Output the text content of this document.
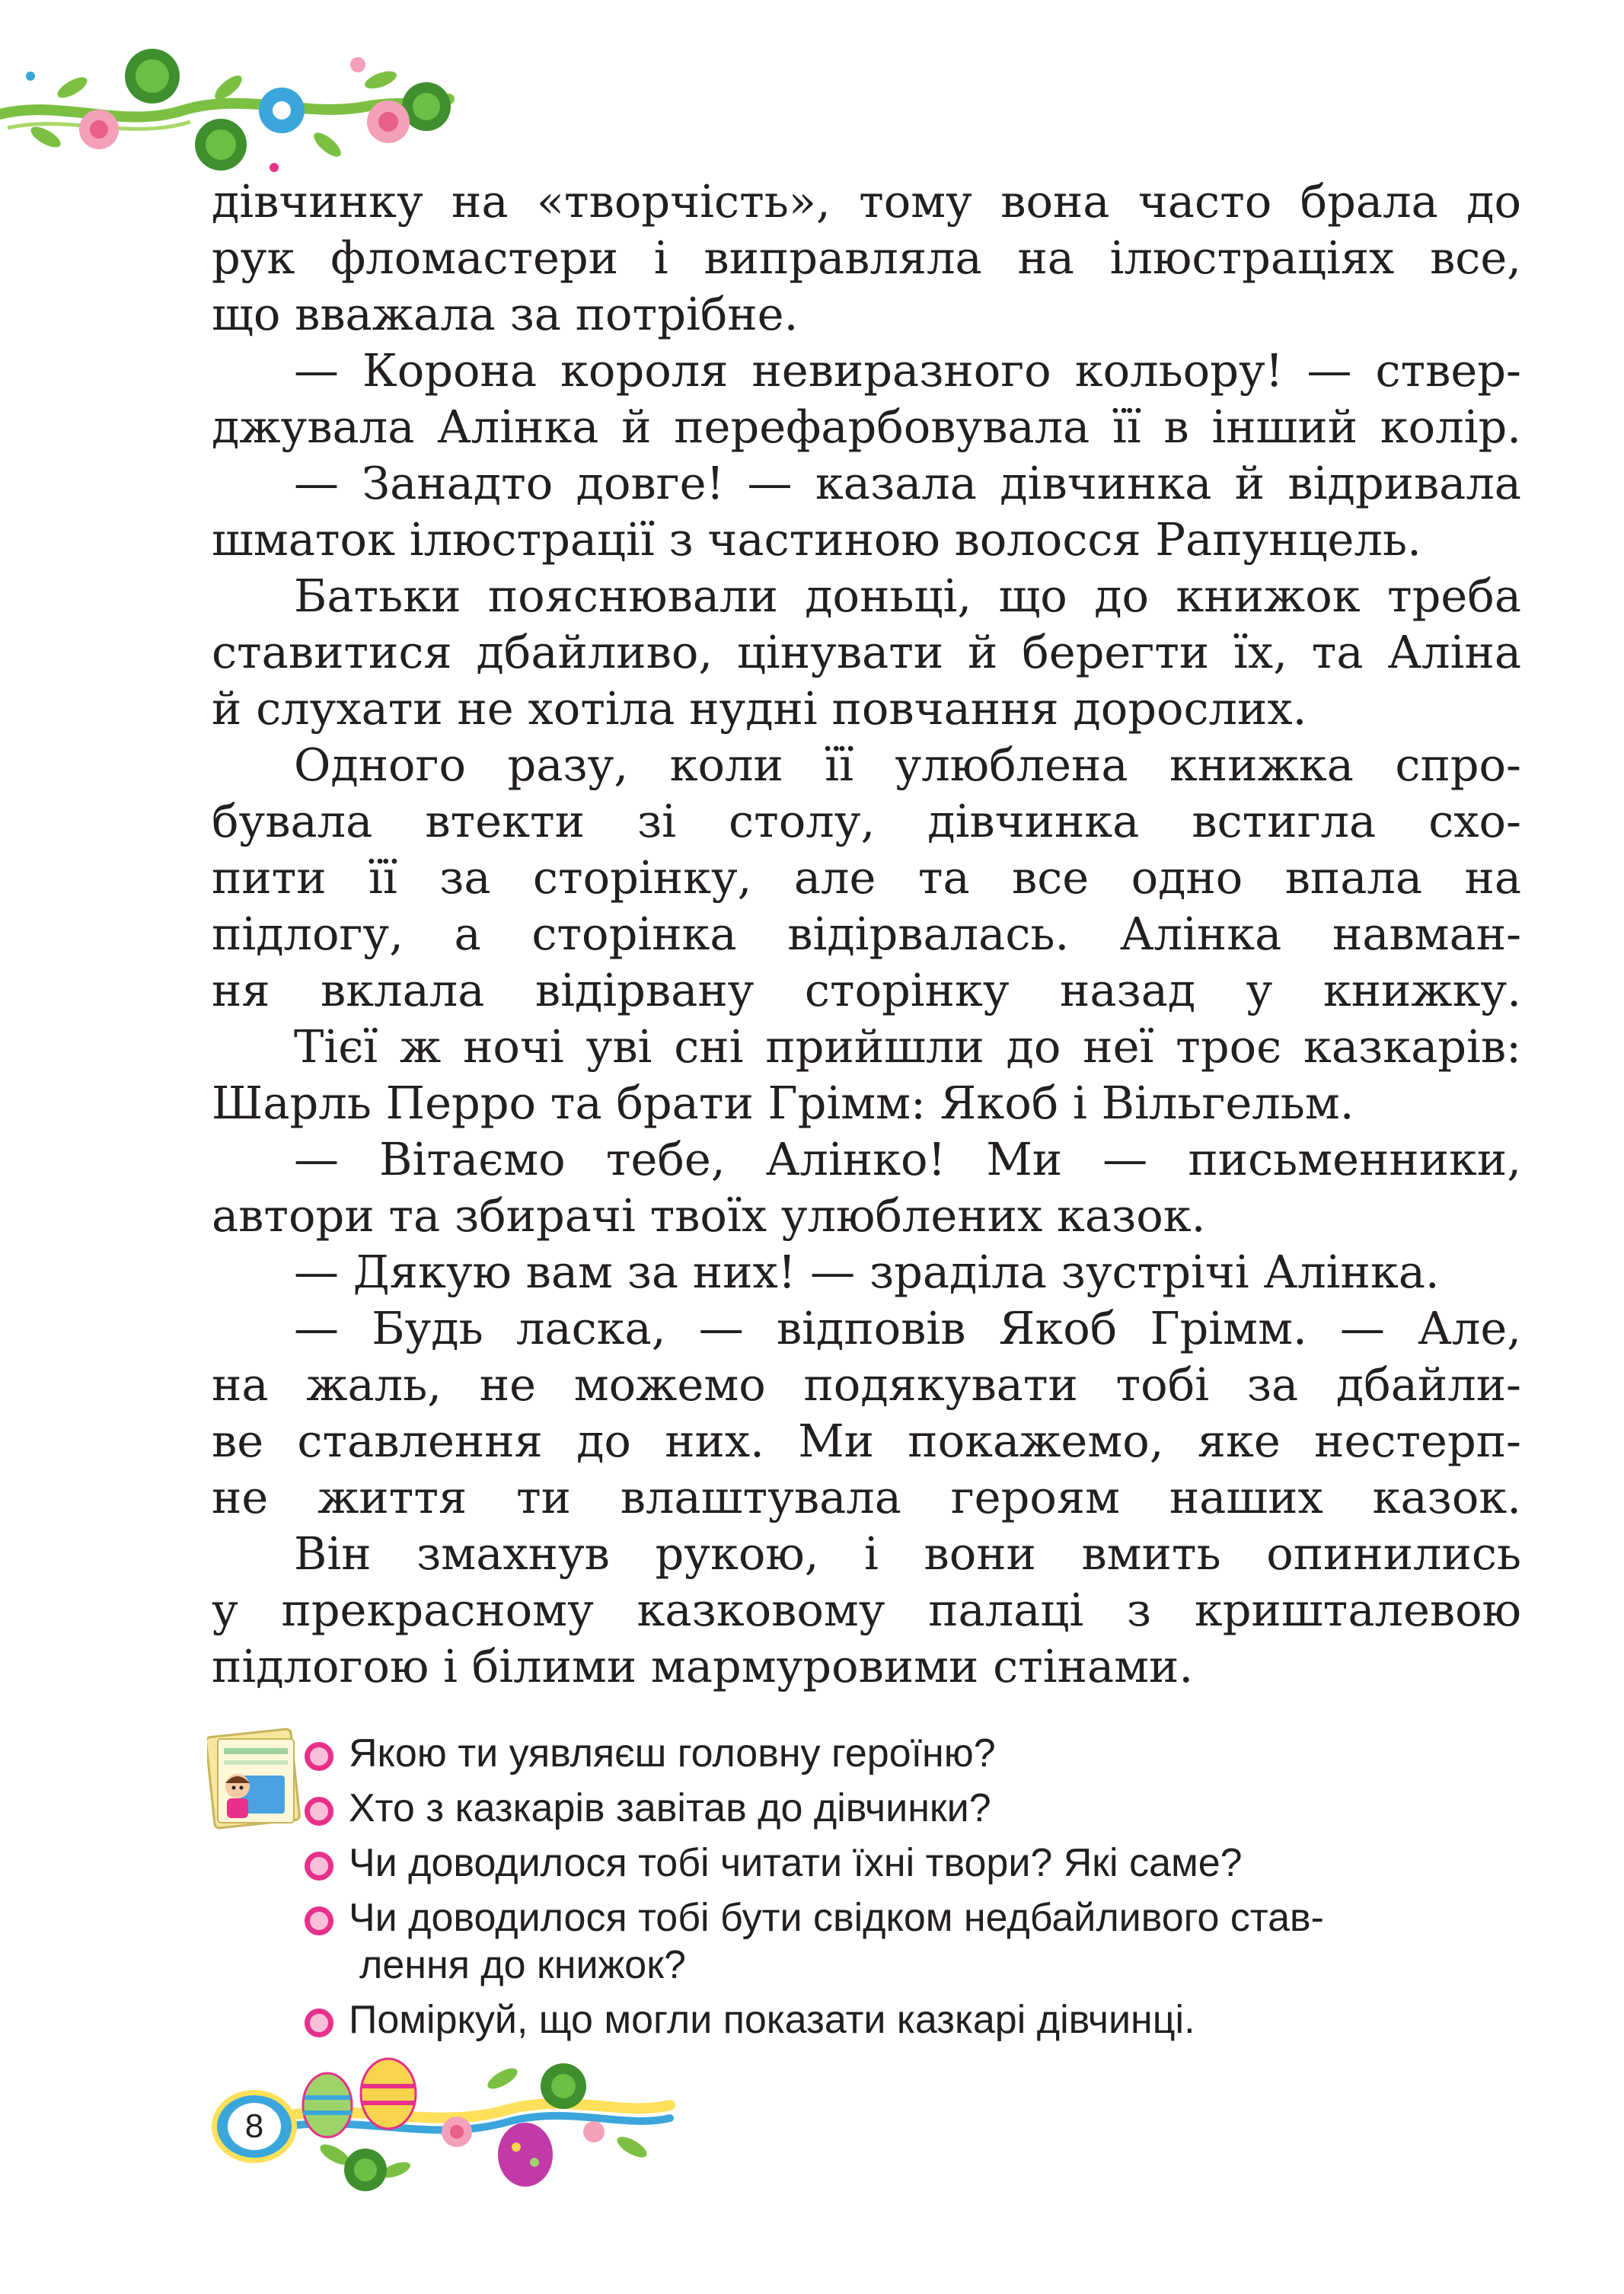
дівчинку на «творчість», тому вона часто брала до

рук фломастери і виправляла на ілюстраціях все,

що вважала за потрібне.

— Корона короля невиразного кольору! — ствер-

джувала Алінка й перефарбовувала її в інший колір.

— Занадто довге! — казала дівчинка й відривала

шматок ілюстрації з частиною волосся Рапунцель.

Батьки пояснювали доньці, що до книжок треба

ставитися дбайливо, цінувати й берегти їх, та Аліна

й слухати не хотіла нудні повчання дорослих.

Одного разу, коли її улюблена книжка спро-

бувала втекти зі столу, дівчинка встигла схо-

пити її за сторінку, але та все одно впала на

підлогу, а сторінка відірвалась. Алінка навман-

ня вклала відірвану сторінку назад у книжку.

Тієї ж ночі уві сні прийшли до неї троє казкарів:

Шарль Перро та брати Грімм: Якоб і Вільгельм.

— Вітаємо тебе, Алінко! Ми — письменники,

автори та збирачі твоїх улюблених казок.

— Дякую вам за них! — зраділа зустрічі Алінка.

— Будь ласка, — відповів Якоб Грімм. — Але,

на жаль, не можемо подякувати тобі за дбайли-

ве ставлення до них. Ми покажемо, яке нестерп-

не життя ти влаштувала героям наших казок.

Він змахнув рукою, і вони вмить опинились

у прекрасному казковому палаці з кришталевою

підлогою і білими мармуровими стінами.

Якою ти уявляєш головну героїню?
Хто з казкарів завітав до дівчинки?
Чи доводилося тобі читати їхні твори? Які саме?
Чи доводилося тобі бути свідком недбайливого став-
лення до книжок?
Поміркуй, що могли показати казкарі дівчинці.
8
